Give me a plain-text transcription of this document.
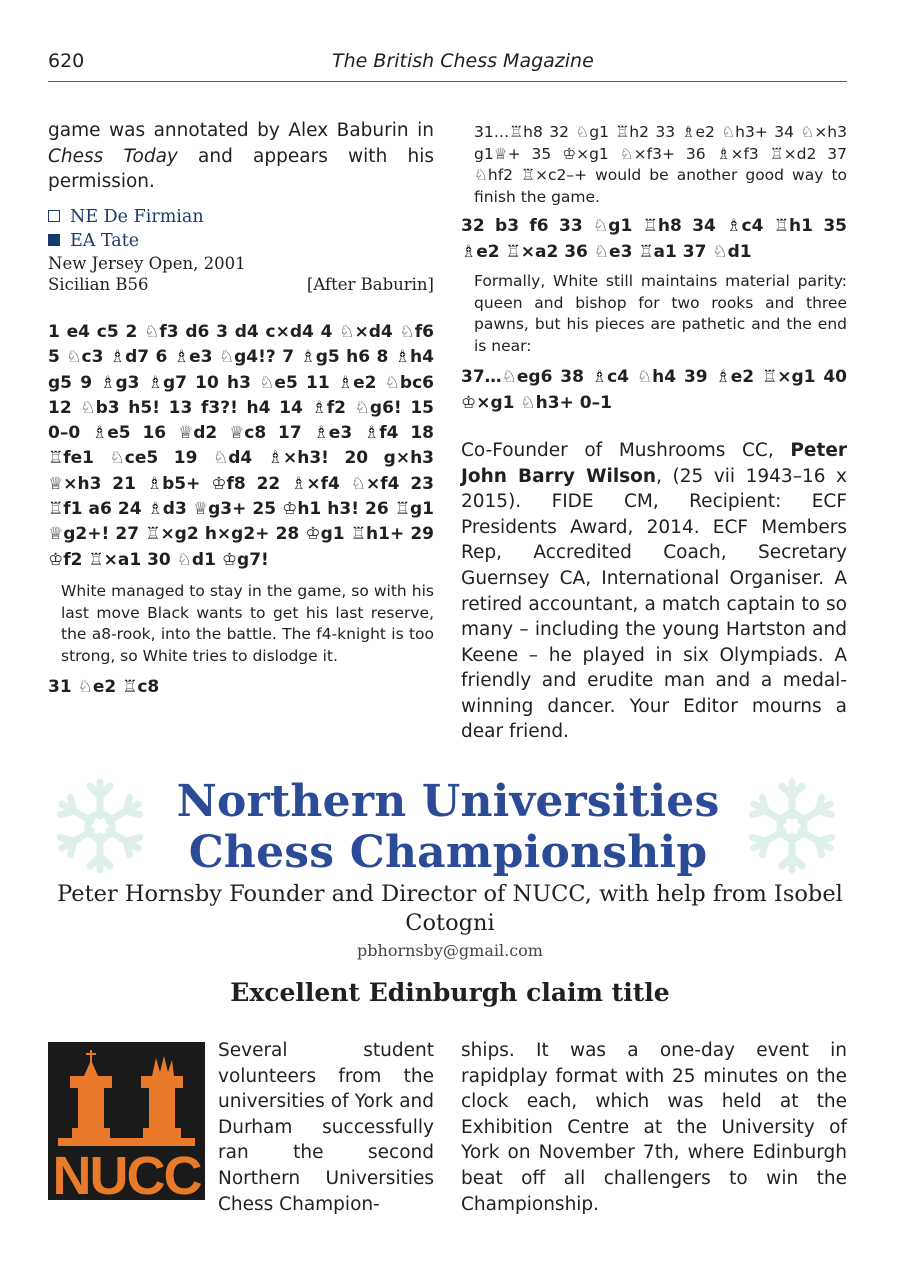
620	The British Chess Magazine

game was annotated by Alex Baburin in Chess Today and appears with his permission.

NE De Firmian
EA Tate
New Jersey Open, 2001
Sicilian B56	[After Baburin]

1 e4 c5 2 ♘f3 d6 3 d4 c×d4 4 ♘×d4 ♘f6 5 ♘c3 ♗d7 6 ♗e3 ♘g4!? 7 ♗g5 h6 8 ♗h4 g5 9 ♗g3 ♗g7 10 h3 ♘e5 11 ♗e2 ♘bc6 12 ♘b3 h5! 13 f3?! h4 14 ♗f2 ♘g6! 15 0–0 ♗e5 16 ♕d2 ♕c8 17 ♗e3 ♗f4 18 ♖fe1 ♘ce5 19 ♘d4 ♗×h3! 20 g×h3 ♕×h3 21 ♗b5+ ♔f8 22 ♗×f4 ♘×f4 23 ♖f1 a6 24 ♗d3 ♕g3+ 25 ♔h1 h3! 26 ♖g1 ♕g2+! 27 ♖×g2 h×g2+ 28 ♔g1 ♖h1+ 29 ♔f2 ♖×a1 30 ♘d1 ♔g7!

White managed to stay in the game, so with his last move Black wants to get his last reserve, the a8-rook, into the battle. The f4-knight is too strong, so White tries to dislodge it.

31 ♘e2 ♖c8

31…♖h8 32 ♘g1 ♖h2 33 ♗e2 ♘h3+ 34 ♘×h3 g1♕+ 35 ♔×g1 ♘×f3+ 36 ♗×f3 ♖×d2 37 ♘hf2 ♖×c2–+ would be another good way to finish the game.

32 b3 f6 33 ♘g1 ♖h8 34 ♗c4 ♖h1 35 ♗e2 ♖×a2 36 ♘e3 ♖a1 37 ♘d1

Formally, White still maintains material parity: queen and bishop for two rooks and three pawns, but his pieces are pathetic and the end is near:

37…♘eg6 38 ♗c4 ♘h4 39 ♗e2 ♖×g1 40 ♔×g1 ♘h3+ 0–1

Co-Founder of Mushrooms CC, Peter John Barry Wilson, (25 vii 1943–16 x 2015). FIDE CM, Recipient: ECF Presidents Award, 2014. ECF Members Rep, Accredited Coach, Secretary Guernsey CA, International Organiser. A retired accountant, a match captain to so many – including the young Hartston and Keene – he played in six Olympiads. A friendly and erudite man and a medal-winning dancer. Your Editor mourns a dear friend.

Northern Universities
Chess Championship
Peter Hornsby Founder and Director of NUCC, with help from Isobel Cotogni
pbhornsby@gmail.com
Excellent Edinburgh claim title
NUCC

Several student volunteers from the universities of York and Durham successfully ran the second Northern Universities Chess Champion-

ships. It was a one-day event in rapidplay format with 25 minutes on the clock each, which was held at the Exhibition Centre at the University of York on November 7th, where Edinburgh beat off all challengers to win the Championship.
